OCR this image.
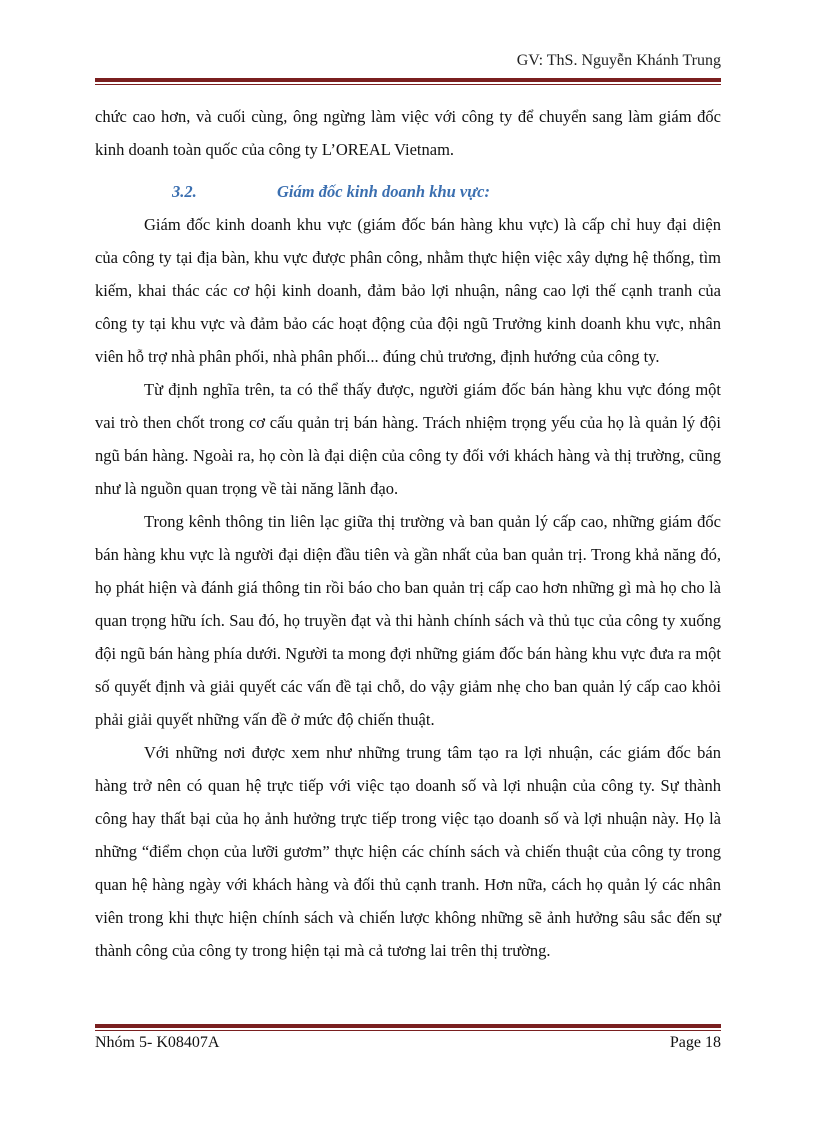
GV: ThS. Nguyễn Khánh Trung

chức cao hơn, và cuối cùng, ông ngừng làm việc với công ty để chuyển sang làm giám đốc kinh doanh toàn quốc của công ty L’OREAL Vietnam.

3.2.	Giám đốc kinh doanh khu vực:

Giám đốc kinh doanh khu vực (giám đốc bán hàng khu vực) là cấp chỉ huy đại diện của công ty tại địa bàn, khu vực được phân công, nhằm thực hiện việc xây dựng hệ thống, tìm kiếm, khai thác các cơ hội kinh doanh, đảm bảo lợi nhuận, nâng cao lợi thế cạnh tranh của công ty tại khu vực và đảm bảo các hoạt động của đội ngũ Trưởng kinh doanh khu vực, nhân viên hỗ trợ nhà phân phối, nhà phân phối... đúng chủ trương, định hướng của công ty.

Từ định nghĩa trên, ta có thể thấy được, người giám đốc bán hàng khu vực đóng một vai trò then chốt trong cơ cấu quản trị bán hàng. Trách nhiệm trọng yếu của họ là quản lý đội ngũ bán hàng. Ngoài ra, họ còn là đại diện của công ty đối với khách hàng và thị trường, cũng như là nguồn quan trọng về tài năng lãnh đạo.

Trong kênh thông tin liên lạc giữa thị trường và ban quản lý cấp cao, những giám đốc bán hàng khu vực là người đại diện đầu tiên và gần nhất của ban quản trị. Trong khả năng đó, họ phát hiện và đánh giá thông tin rồi báo cho ban quản trị cấp cao hơn những gì mà họ cho là quan trọng hữu ích. Sau đó, họ truyền đạt và thi hành chính sách và thủ tục của công ty xuống đội ngũ bán hàng phía dưới. Người ta mong đợi những giám đốc bán hàng khu vực đưa ra một số quyết định và giải quyết các vấn đề tại chỗ, do vậy giảm nhẹ cho ban quản lý cấp cao khỏi phải giải quyết những vấn đề ở mức độ chiến thuật.

Với những nơi được xem như những trung tâm tạo ra lợi nhuận, các giám đốc bán hàng trở nên có quan hệ trực tiếp với việc tạo doanh số và lợi nhuận của công ty. Sự thành công hay thất bại của họ ảnh hưởng trực tiếp trong việc tạo doanh số và lợi nhuận này. Họ là những “điểm chọn của lưỡi gươm” thực hiện các chính sách và chiến thuật của công ty trong quan hệ hàng ngày với khách hàng và đối thủ cạnh tranh. Hơn nữa, cách họ quản lý các nhân viên trong khi thực hiện chính sách và chiến lược không những sẽ ảnh hưởng sâu sắc đến sự thành công của công ty trong hiện tại mà cả tương lai trên thị trường.

Nhóm 5- K08407A	Page 18
